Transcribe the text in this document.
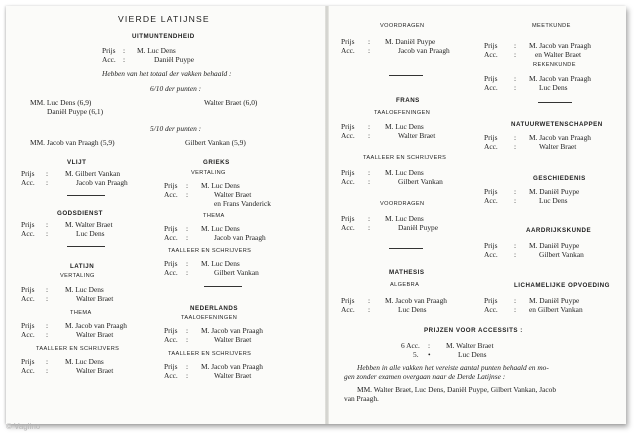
VIERDE LATIJNSE
UITMUNTENDHEID
Prijs : M. Luc Dens
Acc. :	Daniël Puype
Hebben van het totaal der vakken behaald :
6/10 der punten :
MM. Luc Dens (6,9)
Daniël Puype (6,1)
Walter Braet (6,0)
5/10 der punten :
MM. Jacob van Praagh (5,9)	Gilbert Vankan (5,9)
VLIJT
Prijs : M. Gilbert Vankan
Acc. :	Jacob van Praagh
GODSDIENST
Prijs : M. Walter Braet
Acc. :	Luc Dens
LATIJN
VERTALING
Prijs : M. Luc Dens
Acc. :	Walter Braet
THEMA
Prijs : M. Jacob van Praagh
Acc. :	Walter Braet
TAALLEER EN SCHRIJVERS
Prijs : M. Luc Dens
Acc. :	Walter Braet
GRIEKS
VERTALING
Prijs : M. Luc Dens
Acc. :	Walter Braet
en Frans Vanderick
THEMA
Prijs : M. Luc Dens
Acc. :	Jacob van Praagh
TAALLEER EN SCHRIJVERS
Prijs : M. Luc Dens
Acc. :	Gilbert Vankan
NEDERLANDS
TAALOEFENINGEN
Prijs : M. Jacob van Praagh
Acc. :	Walter Braet
TAALLEER EN SCHRIJVERS
Prijs : M. Jacob van Praagh
Acc. :	Walter Braet
VOORDRAGEN
Prijs : M. Daniël Puype
Acc. :	Jacob van Praagh
FRANS
TAALOEFENINGEN
Prijs : M. Luc Dens
Acc. :	Walter Braet
TAALLEER EN SCHRIJVERS
Prijs : M. Luc Dens
Acc. :	Gilbert Vankan
VOORDRAGEN
Prijs : M. Luc Dens
Acc. :	Daniël Puype
MATHESIS
ALGEBRA
Prijs : M. Jacob van Praagh
Acc. :	Luc Dens
MEETKUNDE
Prijs : M. Jacob van Praagh
Acc. :	en Walter Braet
REKENKUNDE
Prijs : M. Jacob van Praagh
Acc. :	Luc Dens
NATUURWETENSCHAPPEN
Prijs : M. Jacob van Praagh
Acc. :	Walter Braet
GESCHIEDENIS
Prijs : M. Daniël Puype
Acc. :	Luc Dens
AARDRIJKSKUNDE
Prijs : M. Daniël Puype
Acc. :	Gilbert Vankan
LICHAMELIJKE OPVOEDING
Prijs : M. Daniël Puype
Acc. : en Gilbert Vankan
PRIJZEN VOOR ACCESSITS :
6 Acc. : M. Walter Braet
5. •	Luc Dens
Hebben in alle vakken het vereiste aantal punten behaald en mo-
gen zonder examen overgaan naar de Derde Latijnse :
MM. Walter Braet, Luc Dens, Daniël Puype, Gilbert Vankan, Jacob
van Praagh.
© Vaglino
